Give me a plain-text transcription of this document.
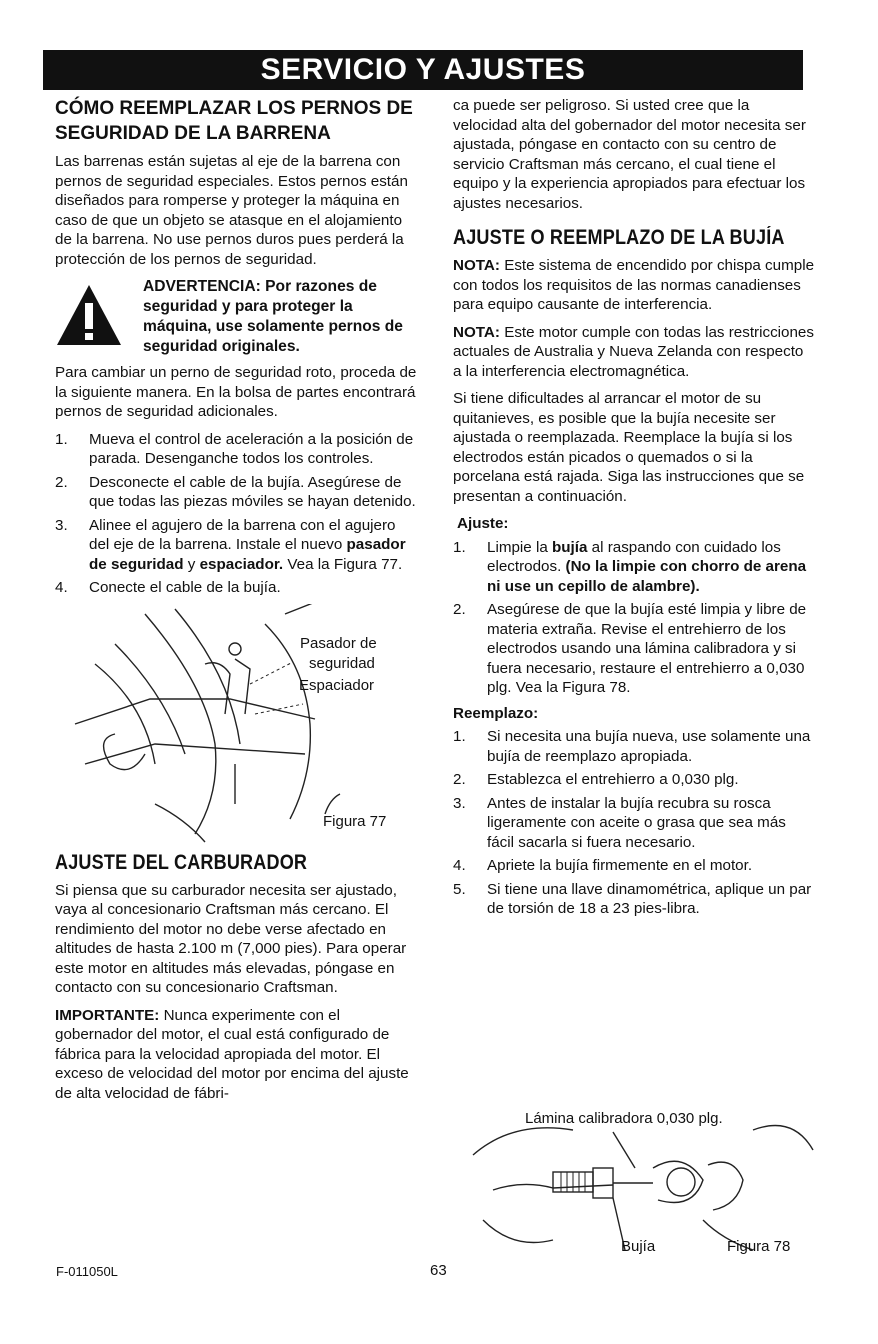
SERVICIO Y AJUSTES
CÓMO REEMPLAZAR LOS PERNOS DE SEGURIDAD DE LA BARRENA

Las barrenas están sujetas al eje de la barrena con pernos de seguridad especiales. Estos pernos están diseñados para romperse y proteger la máquina en caso de que un objeto se atasque en el alojamiento de la barrena. No use pernos duros pues perderá la protección de los pernos de seguridad.

ADVERTENCIA: Por razones de seguridad y para proteger la máquina, use solamente pernos de seguridad originales.

Para cambiar un perno de seguridad roto, proceda de la siguiente manera. En la bolsa de partes encontrará pernos de seguridad adicionales.

1. Mueva el control de aceleración a la posición de parada. Desenganche todos los controles.
2. Desconecte el cable de la bujía. Asegúrese de que todas las piezas móviles se hayan detenido.
3. Alinee el agujero de la barrena con el agujero del eje de la barrena. Instale el nuevo pasador de seguridad y espaciador. Vea la Figura 77.
4. Conecte el cable de la bujía.
Pasador de
seguridad
Espaciador
Figura 77
AJUSTE DEL CARBURADOR

Si piensa que su carburador necesita ser ajustado, vaya al concesionario Craftsman más cercano. El rendimiento del motor no debe verse afectado en altitudes de hasta 2.100 m (7,000 pies). Para operar este motor en altitudes más elevadas, póngase en contacto con su concesionario Craftsman.

IMPORTANTE: Nunca experimente con el gobernador del motor, el cual está configurado de fábrica para la velocidad apropiada del motor. El exceso de velocidad del motor por encima del ajuste de alta velocidad de fábri-

ca puede ser peligroso. Si usted cree que la velocidad alta del gobernador del motor necesita ser ajustada, póngase en contacto con su centro de servicio Craftsman más cercano, el cual tiene el equipo y la experiencia apropiados para efectuar los ajustes necesarios.

AJUSTE O REEMPLAZO DE LA BUJÍA

NOTA: Este sistema de encendido por chispa cumple con todos los requisitos de las normas canadienses para equipo causante de interferencia.

NOTA: Este motor cumple con todas las restricciones actuales de Australia y Nueva Zelanda con respecto a la interferencia electromagnética.

Si tiene dificultades al arrancar el motor de su quitanieves, es posible que la bujía necesite ser ajustada o reemplazada. Reemplace la bujía si los electrodos están picados o quemados o si la porcelana está rajada. Siga las instrucciones que se presentan a continuación.

Ajuste:
1. Limpie la bujía al raspando con cuidado los electrodos. (No la limpie con chorro de arena ni use un cepillo de alambre).
2. Asegúrese de que la bujía esté limpia y libre de materia extraña. Revise el entrehierro de los electrodos usando una lámina calibradora y si fuera necesario, restaure el entrehierro a 0,030 plg. Vea la Figura 78.
Reemplazo:
1. Si necesita una bujía nueva, use solamente una bujía de reemplazo apropiada.
2. Establezca el entrehierro a 0,030 plg.
3. Antes de instalar la bujía recubra su rosca ligeramente con aceite o grasa que sea más fácil sacarla si fuera necesario.
4. Apriete la bujía firmemente en el motor.
5. Si tiene una llave dinamométrica, aplique un par de torsión de 18 a 23 pies-libra.
Lámina calibradora 0,030 plg.
Bujía	Figura 78
F-011050L	63
